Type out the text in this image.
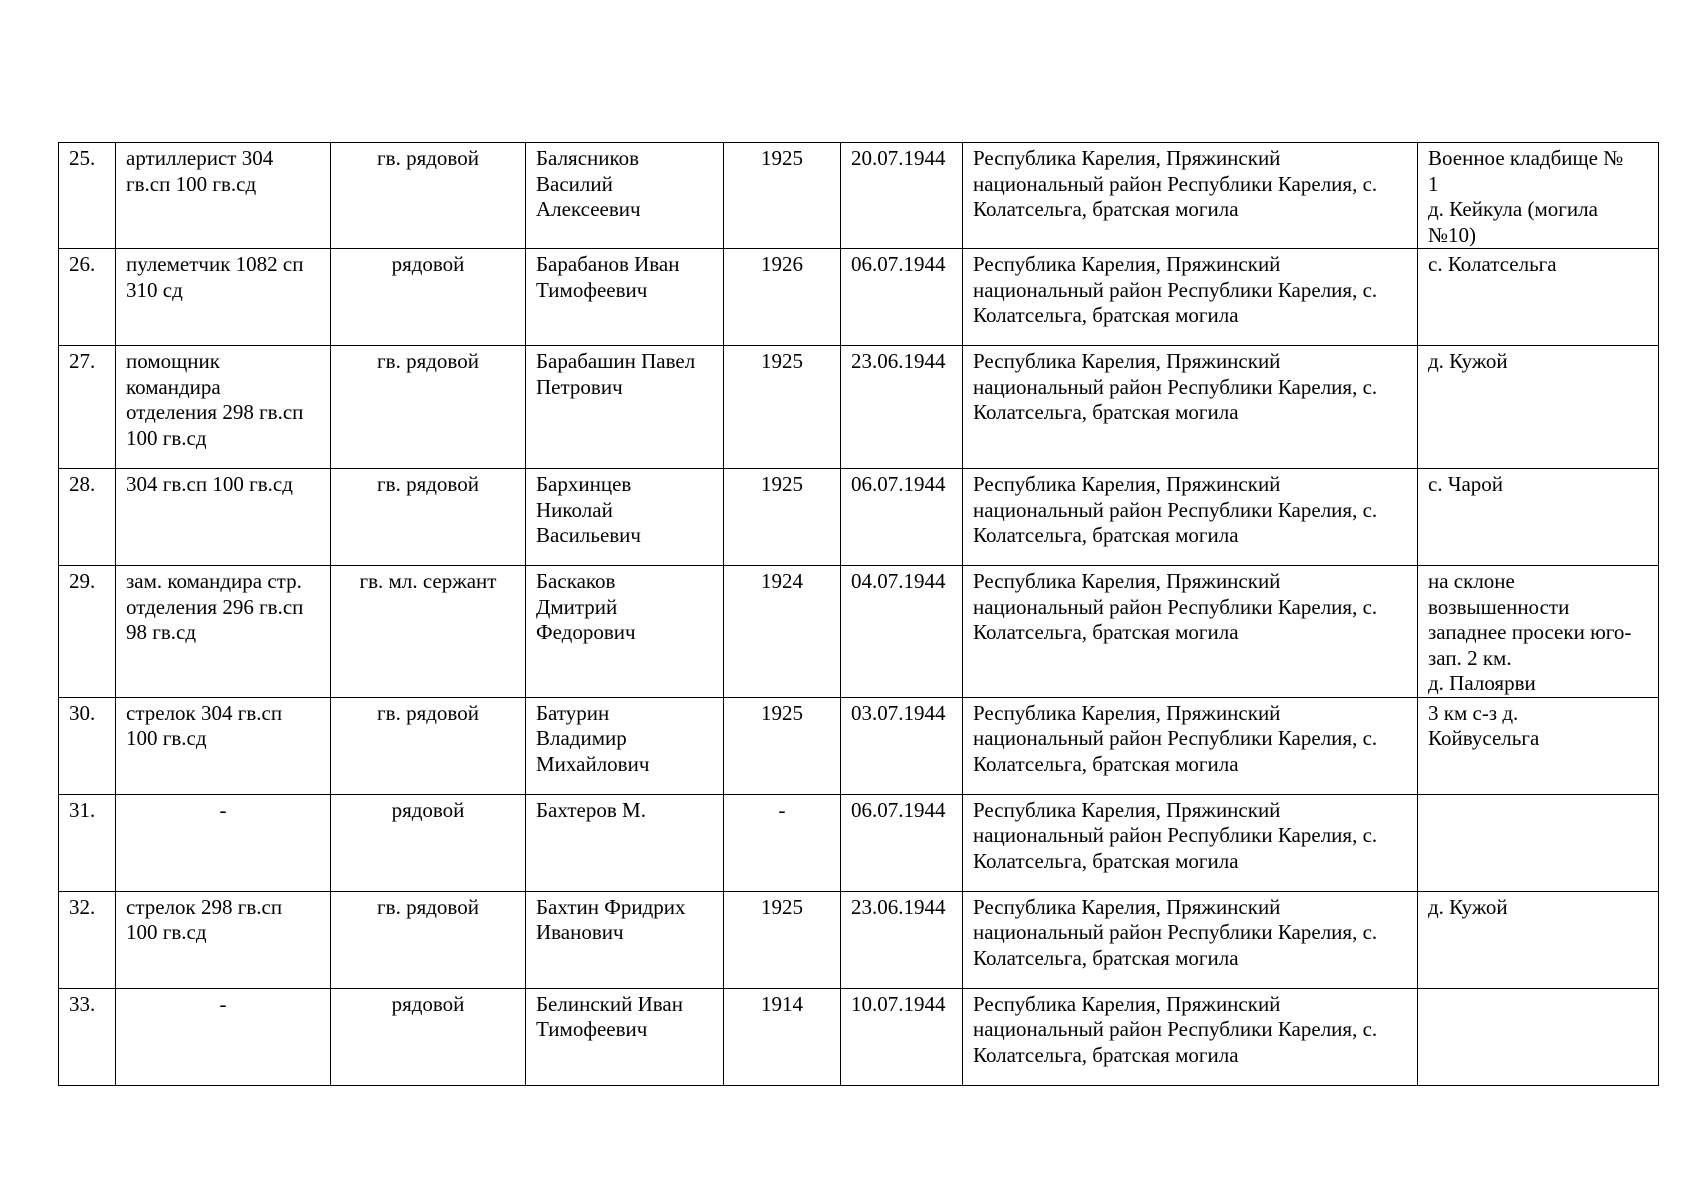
25.	артиллерист 304
гв.сп 100 гв.сд	гв. рядовой	Балясников
Василий
Алексеевич	1925	20.07.1944	Республика Карелия, Пряжинский
национальный район Республики Карелия, с.
Колатсельга, братская могила	Военное кладбище №
1
д. Кейкула (могила
№10)

26.	пулеметчик 1082 сп
310 сд	рядовой	Барабанов Иван
Тимофеевич	1926	06.07.1944	Республика Карелия, Пряжинский
национальный район Республики Карелия, с.
Колатсельга, братская могила	с. Колатсельга

27.	помощник
командира
отделения 298 гв.сп
100 гв.сд	гв. рядовой	Барабашин Павел
Петрович	1925	23.06.1944	Республика Карелия, Пряжинский
национальный район Республики Карелия, с.
Колатсельга, братская могила	д. Кужой

28.	304 гв.сп 100 гв.сд	гв. рядовой	Бархинцев
Николай
Васильевич	1925	06.07.1944	Республика Карелия, Пряжинский
национальный район Республики Карелия, с.
Колатсельга, братская могила	с. Чарой

29.	зам. командира стр.
отделения 296 гв.сп
98 гв.сд	гв. мл. сержант	Баскаков
Дмитрий
Федорович	1924	04.07.1944	Республика Карелия, Пряжинский
национальный район Республики Карелия, с.
Колатсельга, братская могила	на склоне
возвышенности
западнее просеки юго-
зап. 2 км.
д. Палоярви

30.	стрелок 304 гв.сп
100 гв.сд	гв. рядовой	Батурин
Владимир
Михайлович	1925	03.07.1944	Республика Карелия, Пряжинский
национальный район Республики Карелия, с.
Колатсельга, братская могила	3 км с-з д.
Койвусельга

31.	-	рядовой	Бахтеров М.	-	06.07.1944	Республика Карелия, Пряжинский
национальный район Республики Карелия, с.
Колатсельга, братская могила	

32.	стрелок 298 гв.сп
100 гв.сд	гв. рядовой	Бахтин Фридрих
Иванович	1925	23.06.1944	Республика Карелия, Пряжинский
национальный район Республики Карелия, с.
Колатсельга, братская могила	д. Кужой

33.	-	рядовой	Белинский Иван
Тимофеевич	1914	10.07.1944	Республика Карелия, Пряжинский
национальный район Республики Карелия, с.
Колатсельга, братская могила	
